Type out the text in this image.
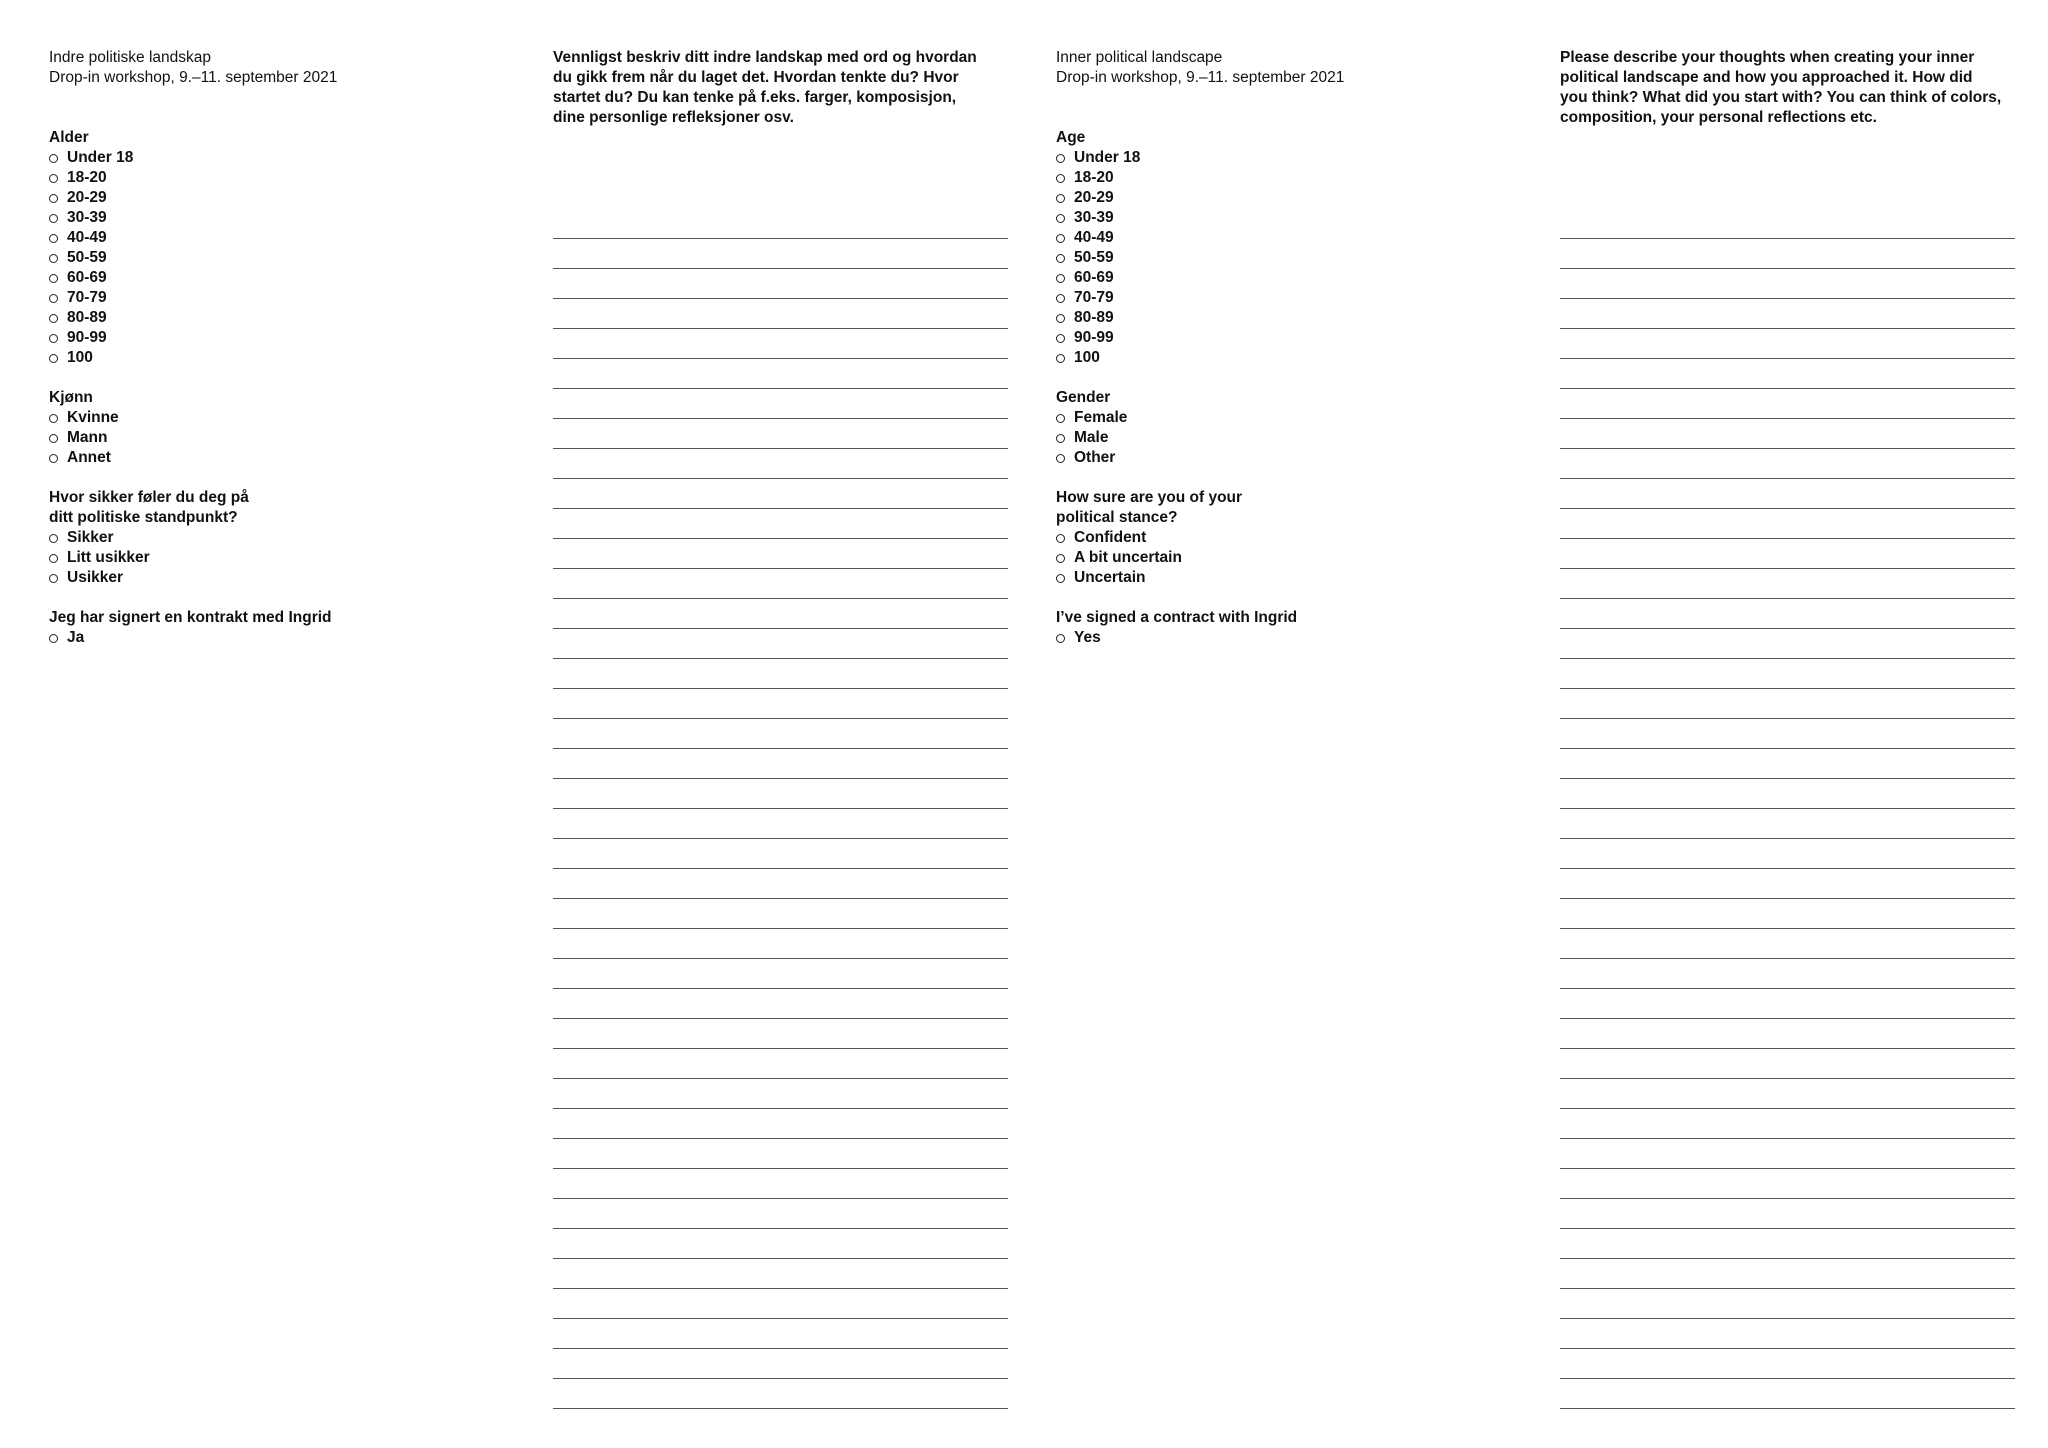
Indre politiske landskap
Drop-in workshop, 9.–11. september 2021
Alder
Under 18
18-20
20-29
30-39
40-49
50-59
60-69
70-79
80-89
90-99
100
Kjønn
Kvinne
Mann
Annet
Hvor sikker føler du deg på
ditt politiske standpunkt?
Sikker
Litt usikker
Usikker
Jeg har signert en kontrakt med Ingrid
Ja
Vennligst beskriv ditt indre landskap med ord og hvordan
du gikk frem når du laget det. Hvordan tenkte du? Hvor
startet du? Du kan tenke på f.eks. farger, komposisjon,
dine personlige refleksjoner osv.
Inner political landscape
Drop-in workshop, 9.–11. september 2021
Age
Under 18
18-20
20-29
30-39
40-49
50-59
60-69
70-79
80-89
90-99
100
Gender
Female
Male
Other
How sure are you of your
political stance?
Confident
A bit uncertain
Uncertain
I’ve signed a contract with Ingrid
Yes
Please describe your thoughts when creating your inner
political landscape and how you approached it. How did
you think? What did you start with? You can think of colors,
composition, your personal reflections etc.
